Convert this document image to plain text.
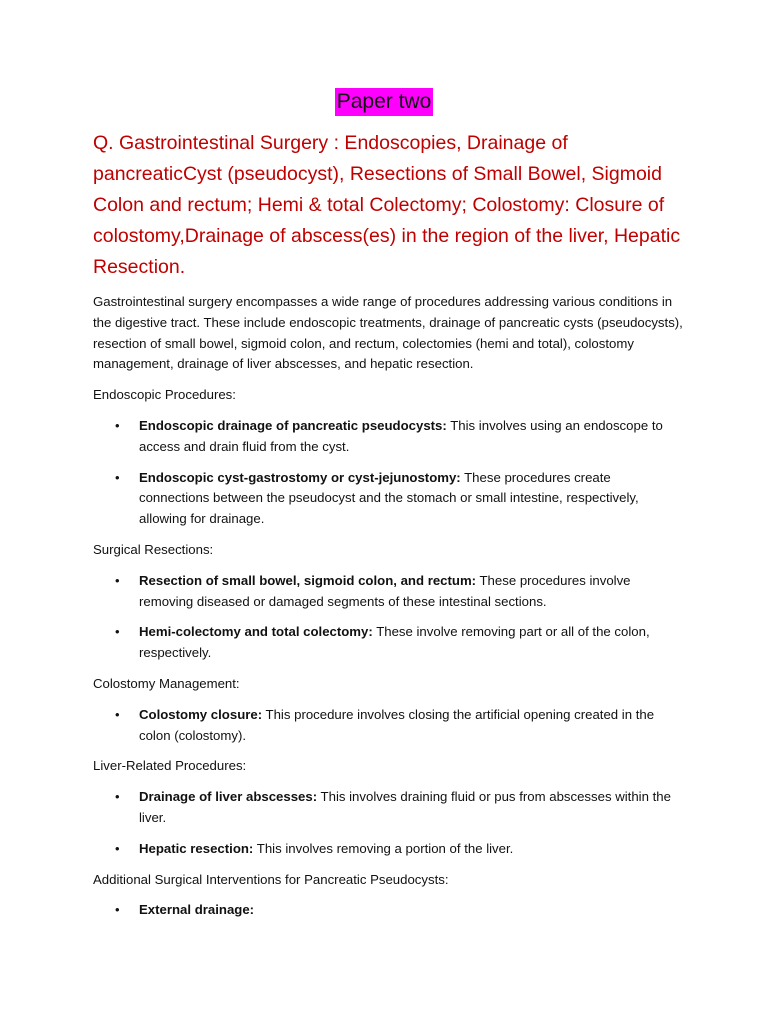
Paper two
Q. Gastrointestinal Surgery : Endoscopies, Drainage of pancreaticCyst (pseudocyst), Resections of Small Bowel, Sigmoid Colon and rectum; Hemi & total Colectomy; Colostomy: Closure of colostomy,Drainage of abscess(es) in the region of the liver, Hepatic Resection.

Gastrointestinal surgery encompasses a wide range of procedures addressing various conditions in the digestive tract. These include endoscopic treatments, drainage of pancreatic cysts (pseudocysts), resection of small bowel, sigmoid colon, and rectum, colectomies (hemi and total), colostomy management, drainage of liver abscesses, and hepatic resection.

Endoscopic Procedures:

• Endoscopic drainage of pancreatic pseudocysts: This involves using an endoscope to access and drain fluid from the cyst.
• Endoscopic cyst-gastrostomy or cyst-jejunostomy: These procedures create connections between the pseudocyst and the stomach or small intestine, respectively, allowing for drainage.

Surgical Resections:

• Resection of small bowel, sigmoid colon, and rectum: These procedures involve removing diseased or damaged segments of these intestinal sections.
• Hemi-colectomy and total colectomy: These involve removing part or all of the colon, respectively.

Colostomy Management:

• Colostomy closure: This procedure involves closing the artificial opening created in the colon (colostomy).

Liver-Related Procedures:

• Drainage of liver abscesses: This involves draining fluid or pus from abscesses within the liver.
• Hepatic resection: This involves removing a portion of the liver.

Additional Surgical Interventions for Pancreatic Pseudocysts:

• External drainage:
